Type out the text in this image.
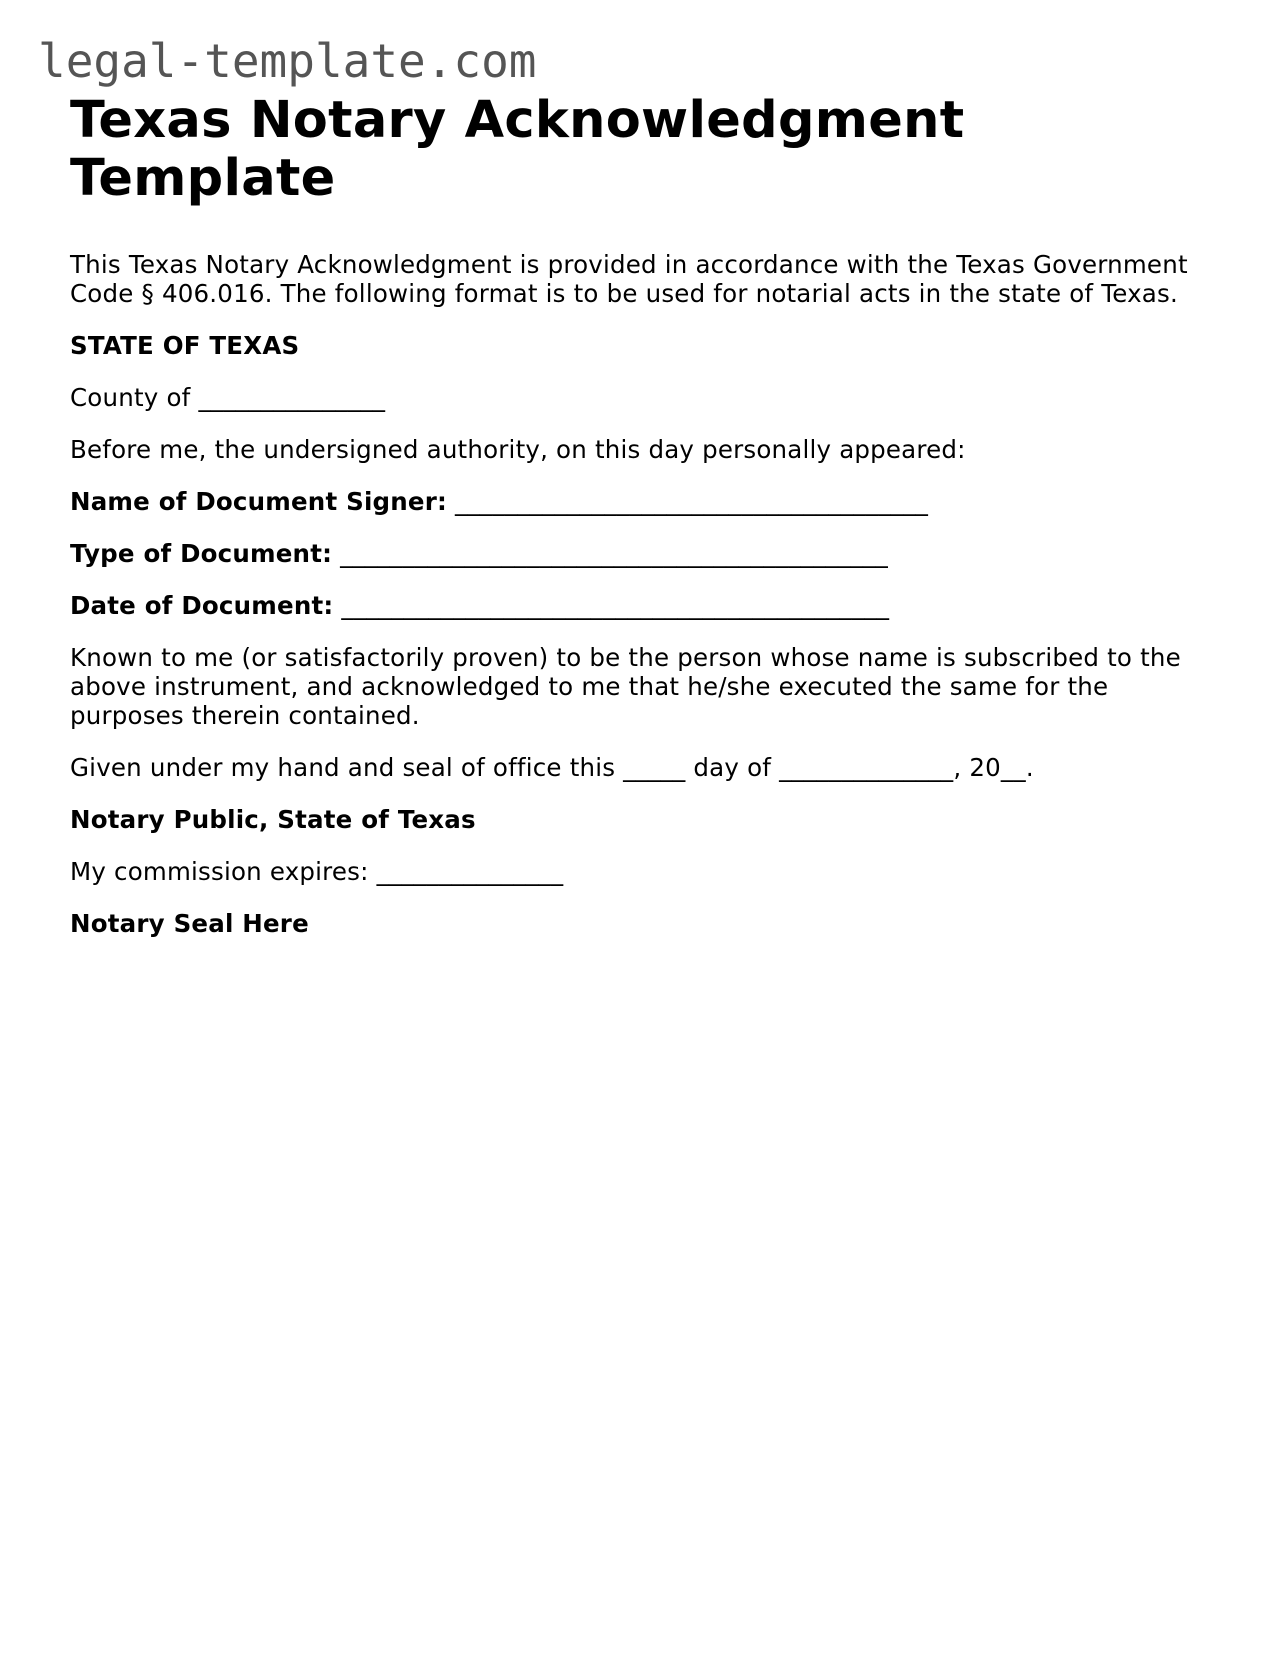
legal-template.com
Texas Notary Acknowledgment Template

This Texas Notary Acknowledgment is provided in accordance with the Texas Government Code § 406.016. The following format is to be used for notarial acts in the state of Texas.

STATE OF TEXAS

County of _______________

Before me, the undersigned authority, on this day personally appeared:

Name of Document Signer: ______________________________________

Type of Document: ____________________________________________

Date of Document: ____________________________________________

Known to me (or satisfactorily proven) to be the person whose name is subscribed to the above instrument, and acknowledged to me that he/she executed the same for the purposes therein contained.

Given under my hand and seal of office this _____ day of ______________, 20__.

Notary Public, State of Texas

My commission expires: _______________

Notary Seal Here
